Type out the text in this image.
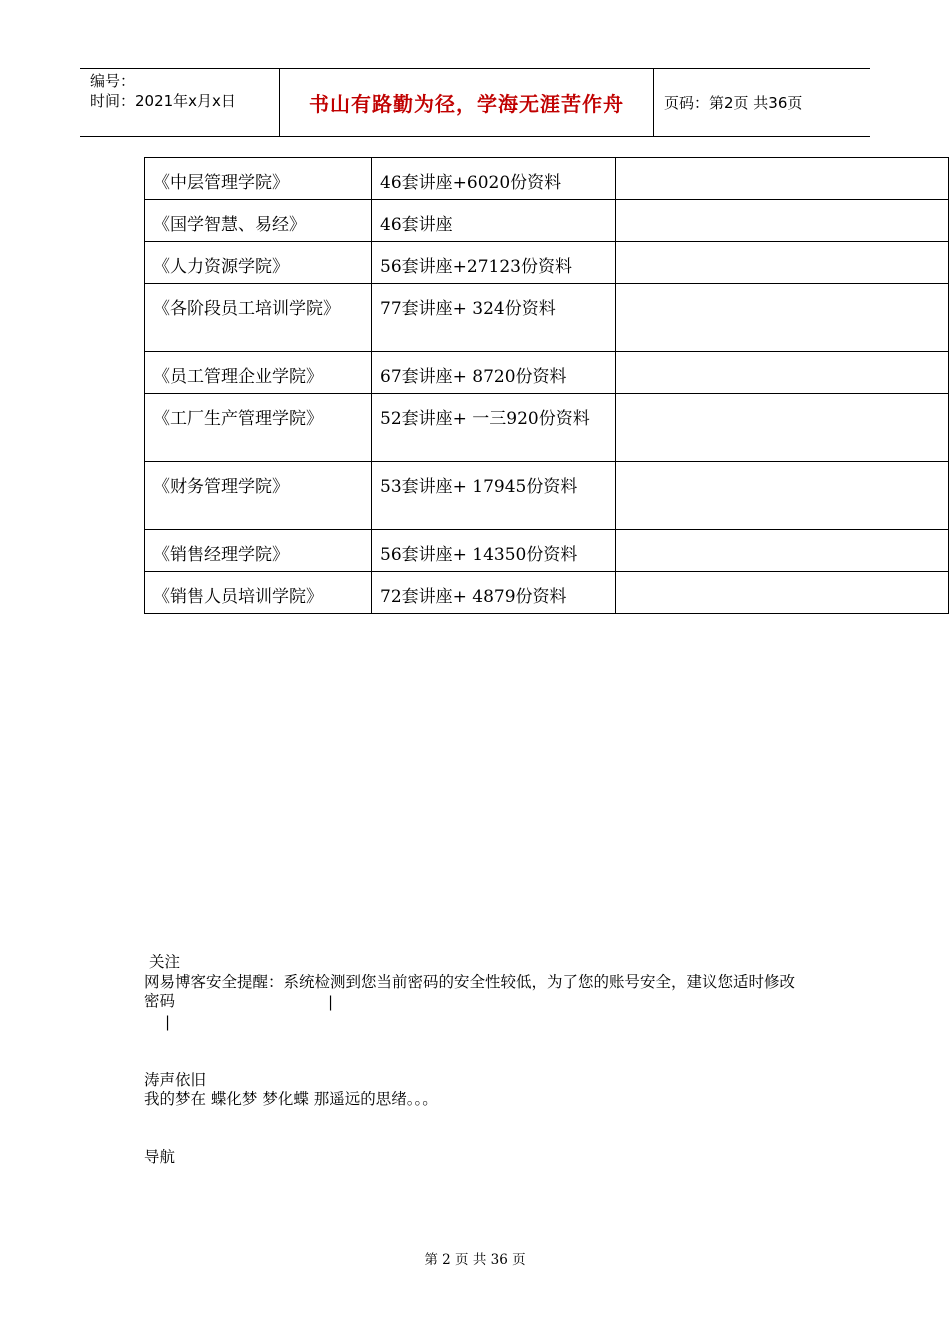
编号：
时间：2021年x月x日	书山有路勤为径，学海无涯苦作舟	页码：第2页 共36页
《中层管理学院》	46套讲座+6020份资料	
《国学智慧、易经》	46套讲座	
《人力资源学院》	56套讲座+27123份资料	
《各阶段员工培训学院》	77套讲座+ 324份资料	
《员工管理企业学院》	67套讲座+ 8720份资料	
《工厂生产管理学院》	52套讲座+ 一三920份资料	
《财务管理学院》	53套讲座+ 17945份资料	
《销售经理学院》	56套讲座+ 14350份资料	
《销售人员培训学院》	72套讲座+ 4879份资料	
关注
网易博客安全提醒：系统检测到您当前密码的安全性较低，为了您的账号安全，建议您适时修改密码	|
|
涛声依旧
我的梦在 蝶化梦 梦化蝶 那遥远的思绪。。。
导航
第 2 页 共 36 页
